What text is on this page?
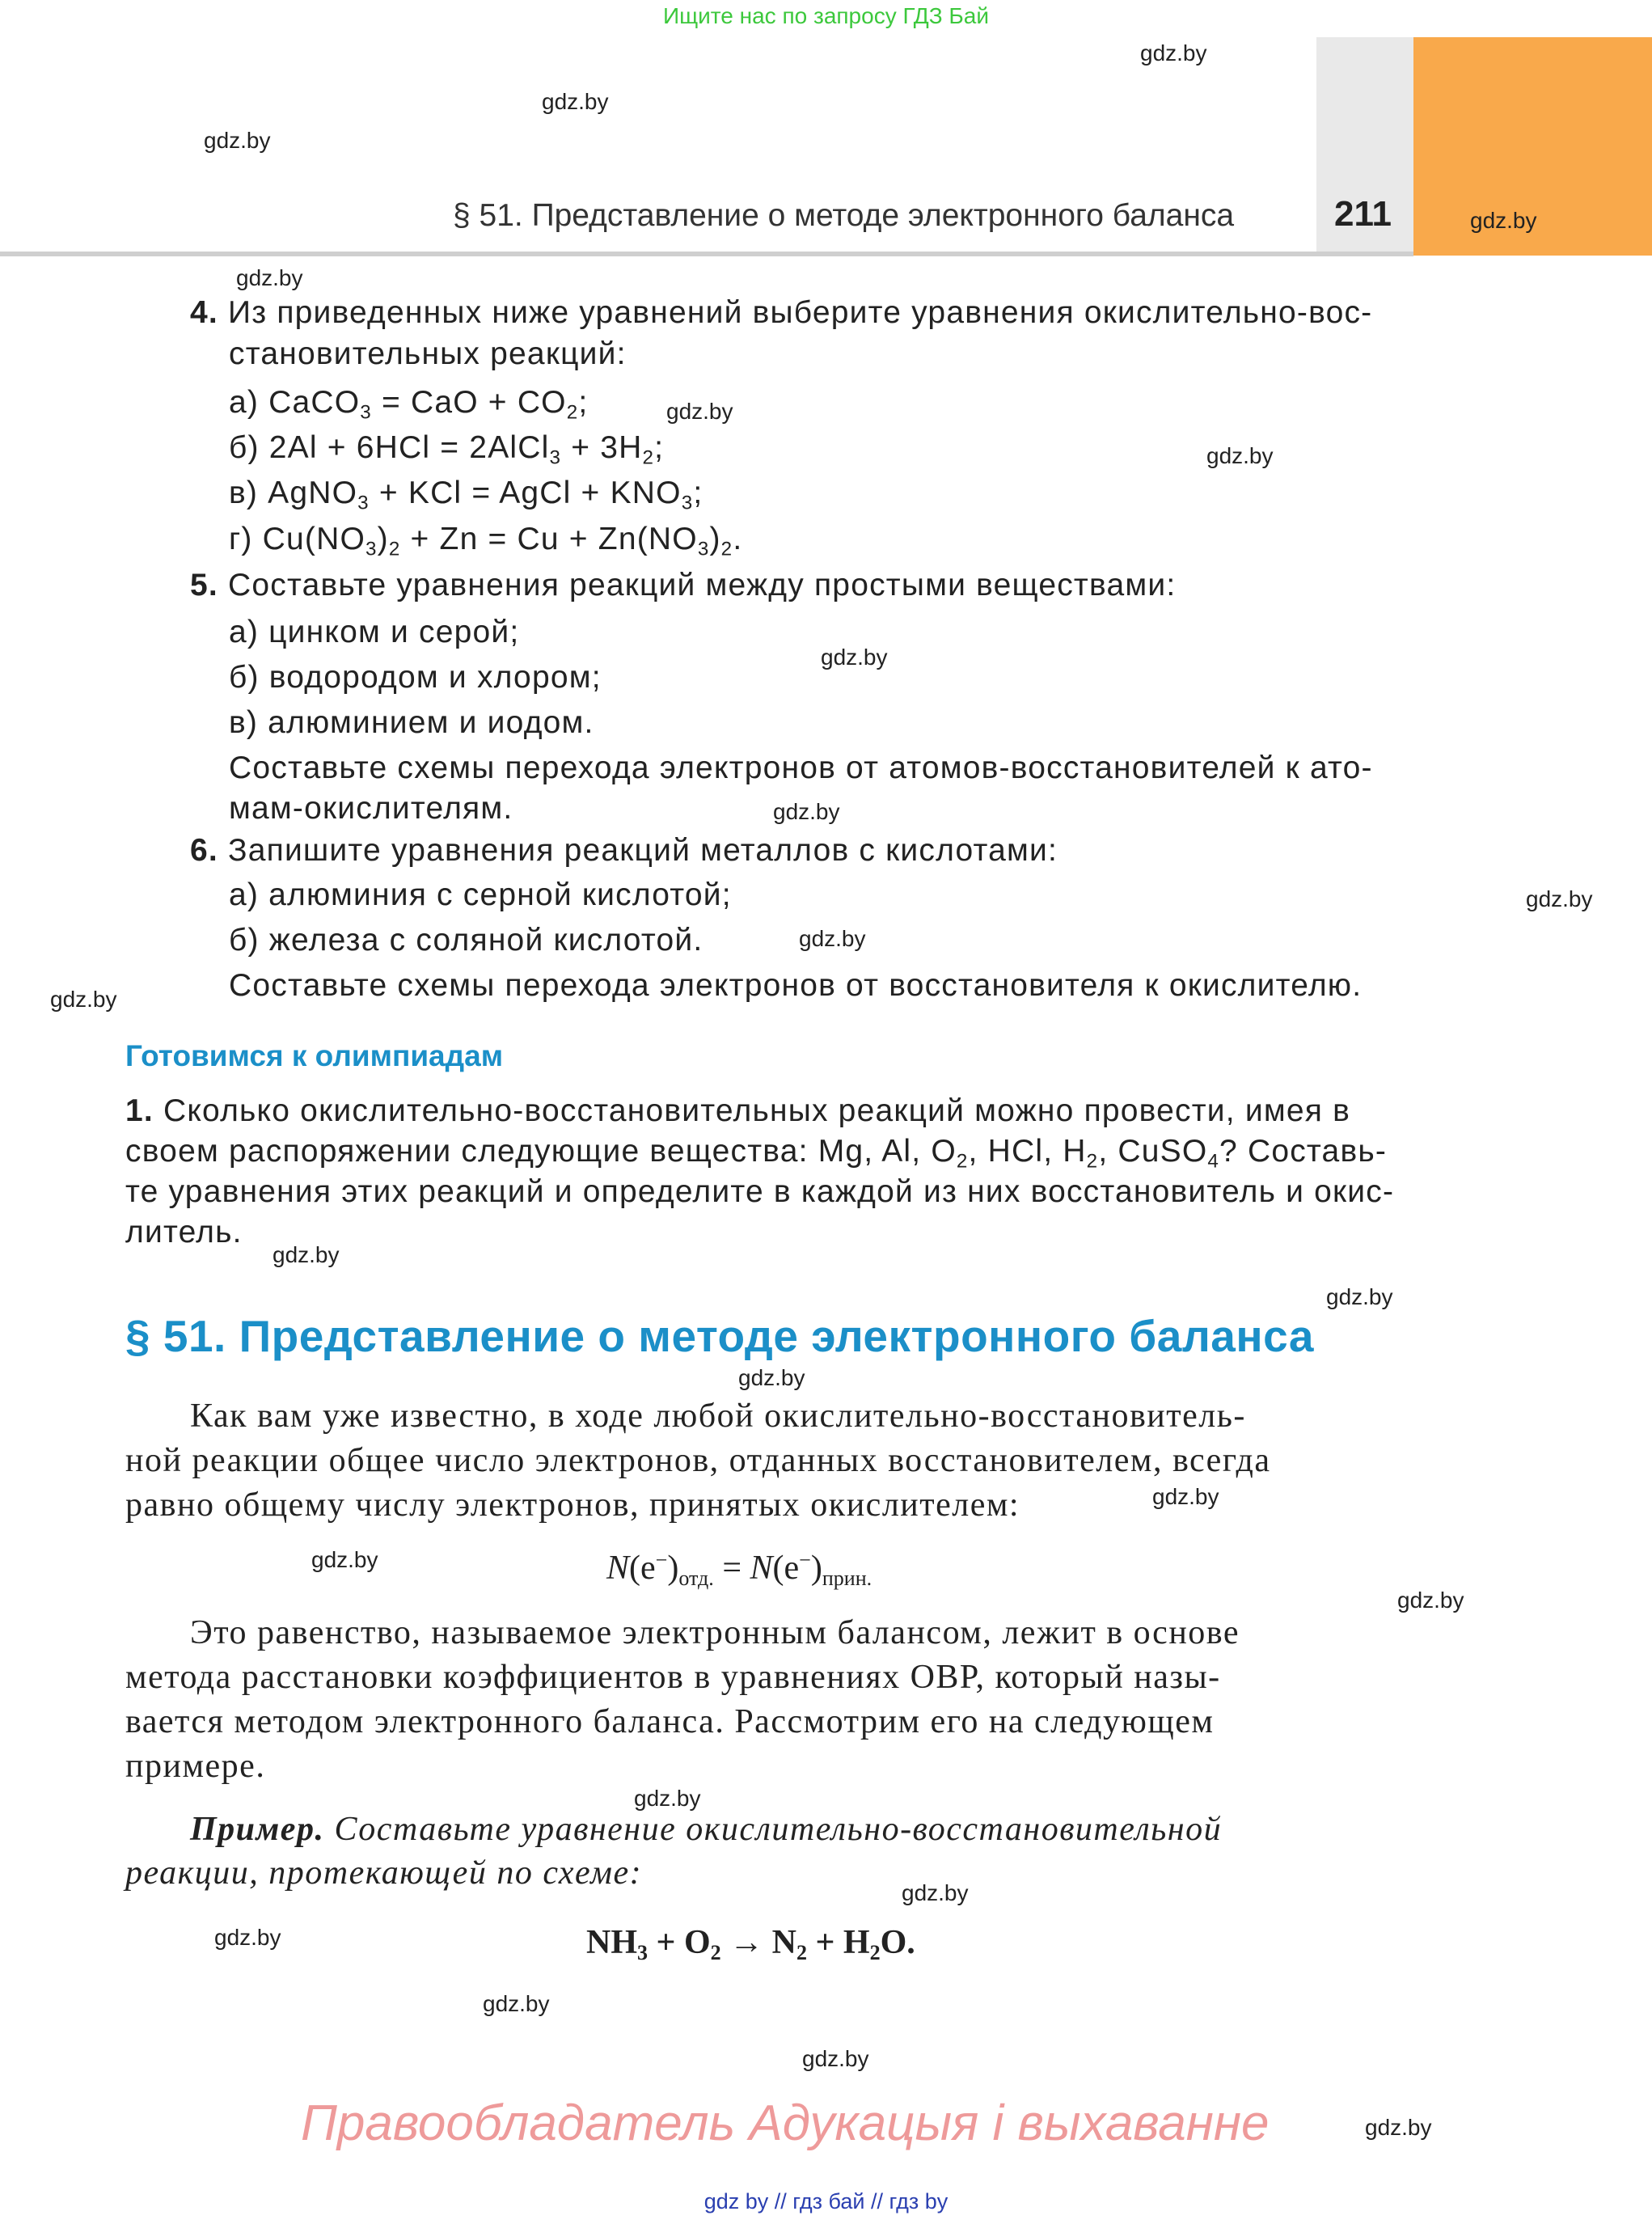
Ищите нас по запросу ГДЗ Бай
§ 51. Представление о методе электронного баланса	211
gdz.by
gdz.by
gdz.by
gdz.by
gdz.by
gdz.by
gdz.by
gdz.by
gdz.by
gdz.by
gdz.by
gdz.by
gdz.by
gdz.by
gdz.by
gdz.by
gdz.by
gdz.by
gdz.by
gdz.by
gdz.by
gdz.by
gdz.by
gdz.by
4. Из приведенных ниже уравнений выберите уравнения окислительно-вос-
становительных реакций:
а) CaCO$_3$ = CaO + $CO_2$;
б) 2Al + 6HCl = 2AlCl$_3$ + $3H_2$;
в) AgNO$_3$ + KCl = AgCl + $KNO_3$;
г) $Cu(NO_3)_2 + Zn = Cu + Zn(NO_3)_2$.
5. Составьте уравнения реакций между простыми веществами:
а) цинком и серой;
б) водородом и хлором;
в) алюминием и иодом.
Составьте схемы перехода электронов от атомов-восстановителей к ато-
мам-окислителям.
6. Запишите уравнения реакций металлов с кислотами:
а) алюминия с серной кислотой;
б) железа с соляной кислотой.
Составьте схемы перехода электронов от восстановителя к окислителю.
Готовимся к олимпиадам
1. Сколько окислительно-восстановительных реакций можно провести, имея в
своем распоряжении следующие вещества: Mg, Al, $O_2$, HCl, $H_2$, CuSO$_4$? Составь-
те уравнения этих реакций и определите в каждой из них восстановитель и окис-
литель.
§ 51. Представление о методе электронного баланса
Как вам уже известно, в ходе любой окислительно-восстановитель-
ной реакции общее число электронов, отданных восстановителем, всегда
равно общему числу электронов, принятых окислителем:
$N(e^-)_{отд.} = N(e^-)_{прин.}$
Это равенство, называемое электронным балансом, лежит в основе
метода расстановки коэффициентов в уравнениях ОВР, который назы-
вается методом электронного баланса. Рассмотрим его на следующем
примере.
Пример. Составьте уравнение окислительно-восстановительной
реакции, протекающей по схеме:
$NH_3 + O_2 \to N_2 + H_2O$.
Правообладатель Адукацыя і выхаванне
gdz by // гдз бай // гдз by
